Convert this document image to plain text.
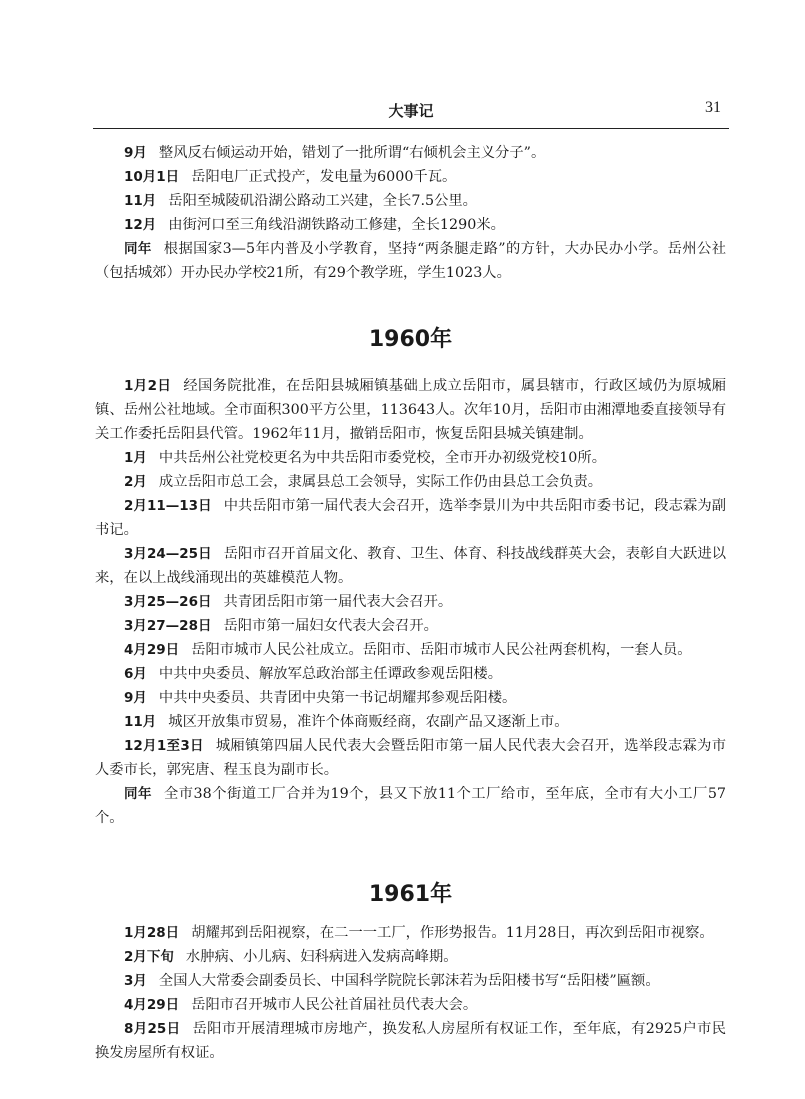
大事记	31

9月 整风反右倾运动开始，错划了一批所谓“右倾机会主义分子”。

10月1日 岳阳电厂正式投产，发电量为6000千瓦。

11月 岳阳至城陵矶沿湖公路动工兴建，全长7.5公里。

12月 由街河口至三角线沿湖铁路动工修建，全长1290米。

同年 根据国家3—5年内普及小学教育，坚持“两条腿走路”的方针，大办民办小学。岳州公社（包括城郊）开办民办学校21所，有29个教学班，学生1023人。

1960年

1月2日 经国务院批准，在岳阳县城厢镇基础上成立岳阳市，属县辖市，行政区域仍为原城厢镇、岳州公社地域。全市面积300平方公里，113643人。次年10月，岳阳市由湘潭地委直接领导有关工作委托岳阳县代管。1962年11月，撤销岳阳市，恢复岳阳县城关镇建制。

1月 中共岳州公社党校更名为中共岳阳市委党校，全市开办初级党校10所。

2月 成立岳阳市总工会，隶属县总工会领导，实际工作仍由县总工会负责。

2月11—13日 中共岳阳市第一届代表大会召开，选举李景川为中共岳阳市委书记，段志霖为副书记。

3月24—25日 岳阳市召开首届文化、教育、卫生、体育、科技战线群英大会，表彰自大跃进以来，在以上战线涌现出的英雄模范人物。

3月25—26日 共青团岳阳市第一届代表大会召开。

3月27—28日 岳阳市第一届妇女代表大会召开。

4月29日 岳阳市城市人民公社成立。岳阳市、岳阳市城市人民公社两套机构，一套人员。

6月 中共中央委员、解放军总政治部主任谭政参观岳阳楼。

9月 中共中央委员、共青团中央第一书记胡耀邦参观岳阳楼。

11月 城区开放集市贸易，准许个体商贩经商，农副产品又逐渐上市。

12月1至3日 城厢镇第四届人民代表大会暨岳阳市第一届人民代表大会召开，选举段志霖为市人委市长，郭宪唐、程玉良为副市长。

同年 全市38个街道工厂合并为19个，县又下放11个工厂给市，至年底，全市有大小工厂57个。

1961年

1月28日 胡耀邦到岳阳视察，在二一一工厂，作形势报告。11月28日，再次到岳阳市视察。

2月下旬 水肿病、小儿病、妇科病进入发病高峰期。

3月 全国人大常委会副委员长、中国科学院院长郭沫若为岳阳楼书写“岳阳楼”匾额。

4月29日 岳阳市召开城市人民公社首届社员代表大会。

8月25日 岳阳市开展清理城市房地产，换发私人房屋所有权证工作，至年底，有2925户市民换发房屋所有权证。
